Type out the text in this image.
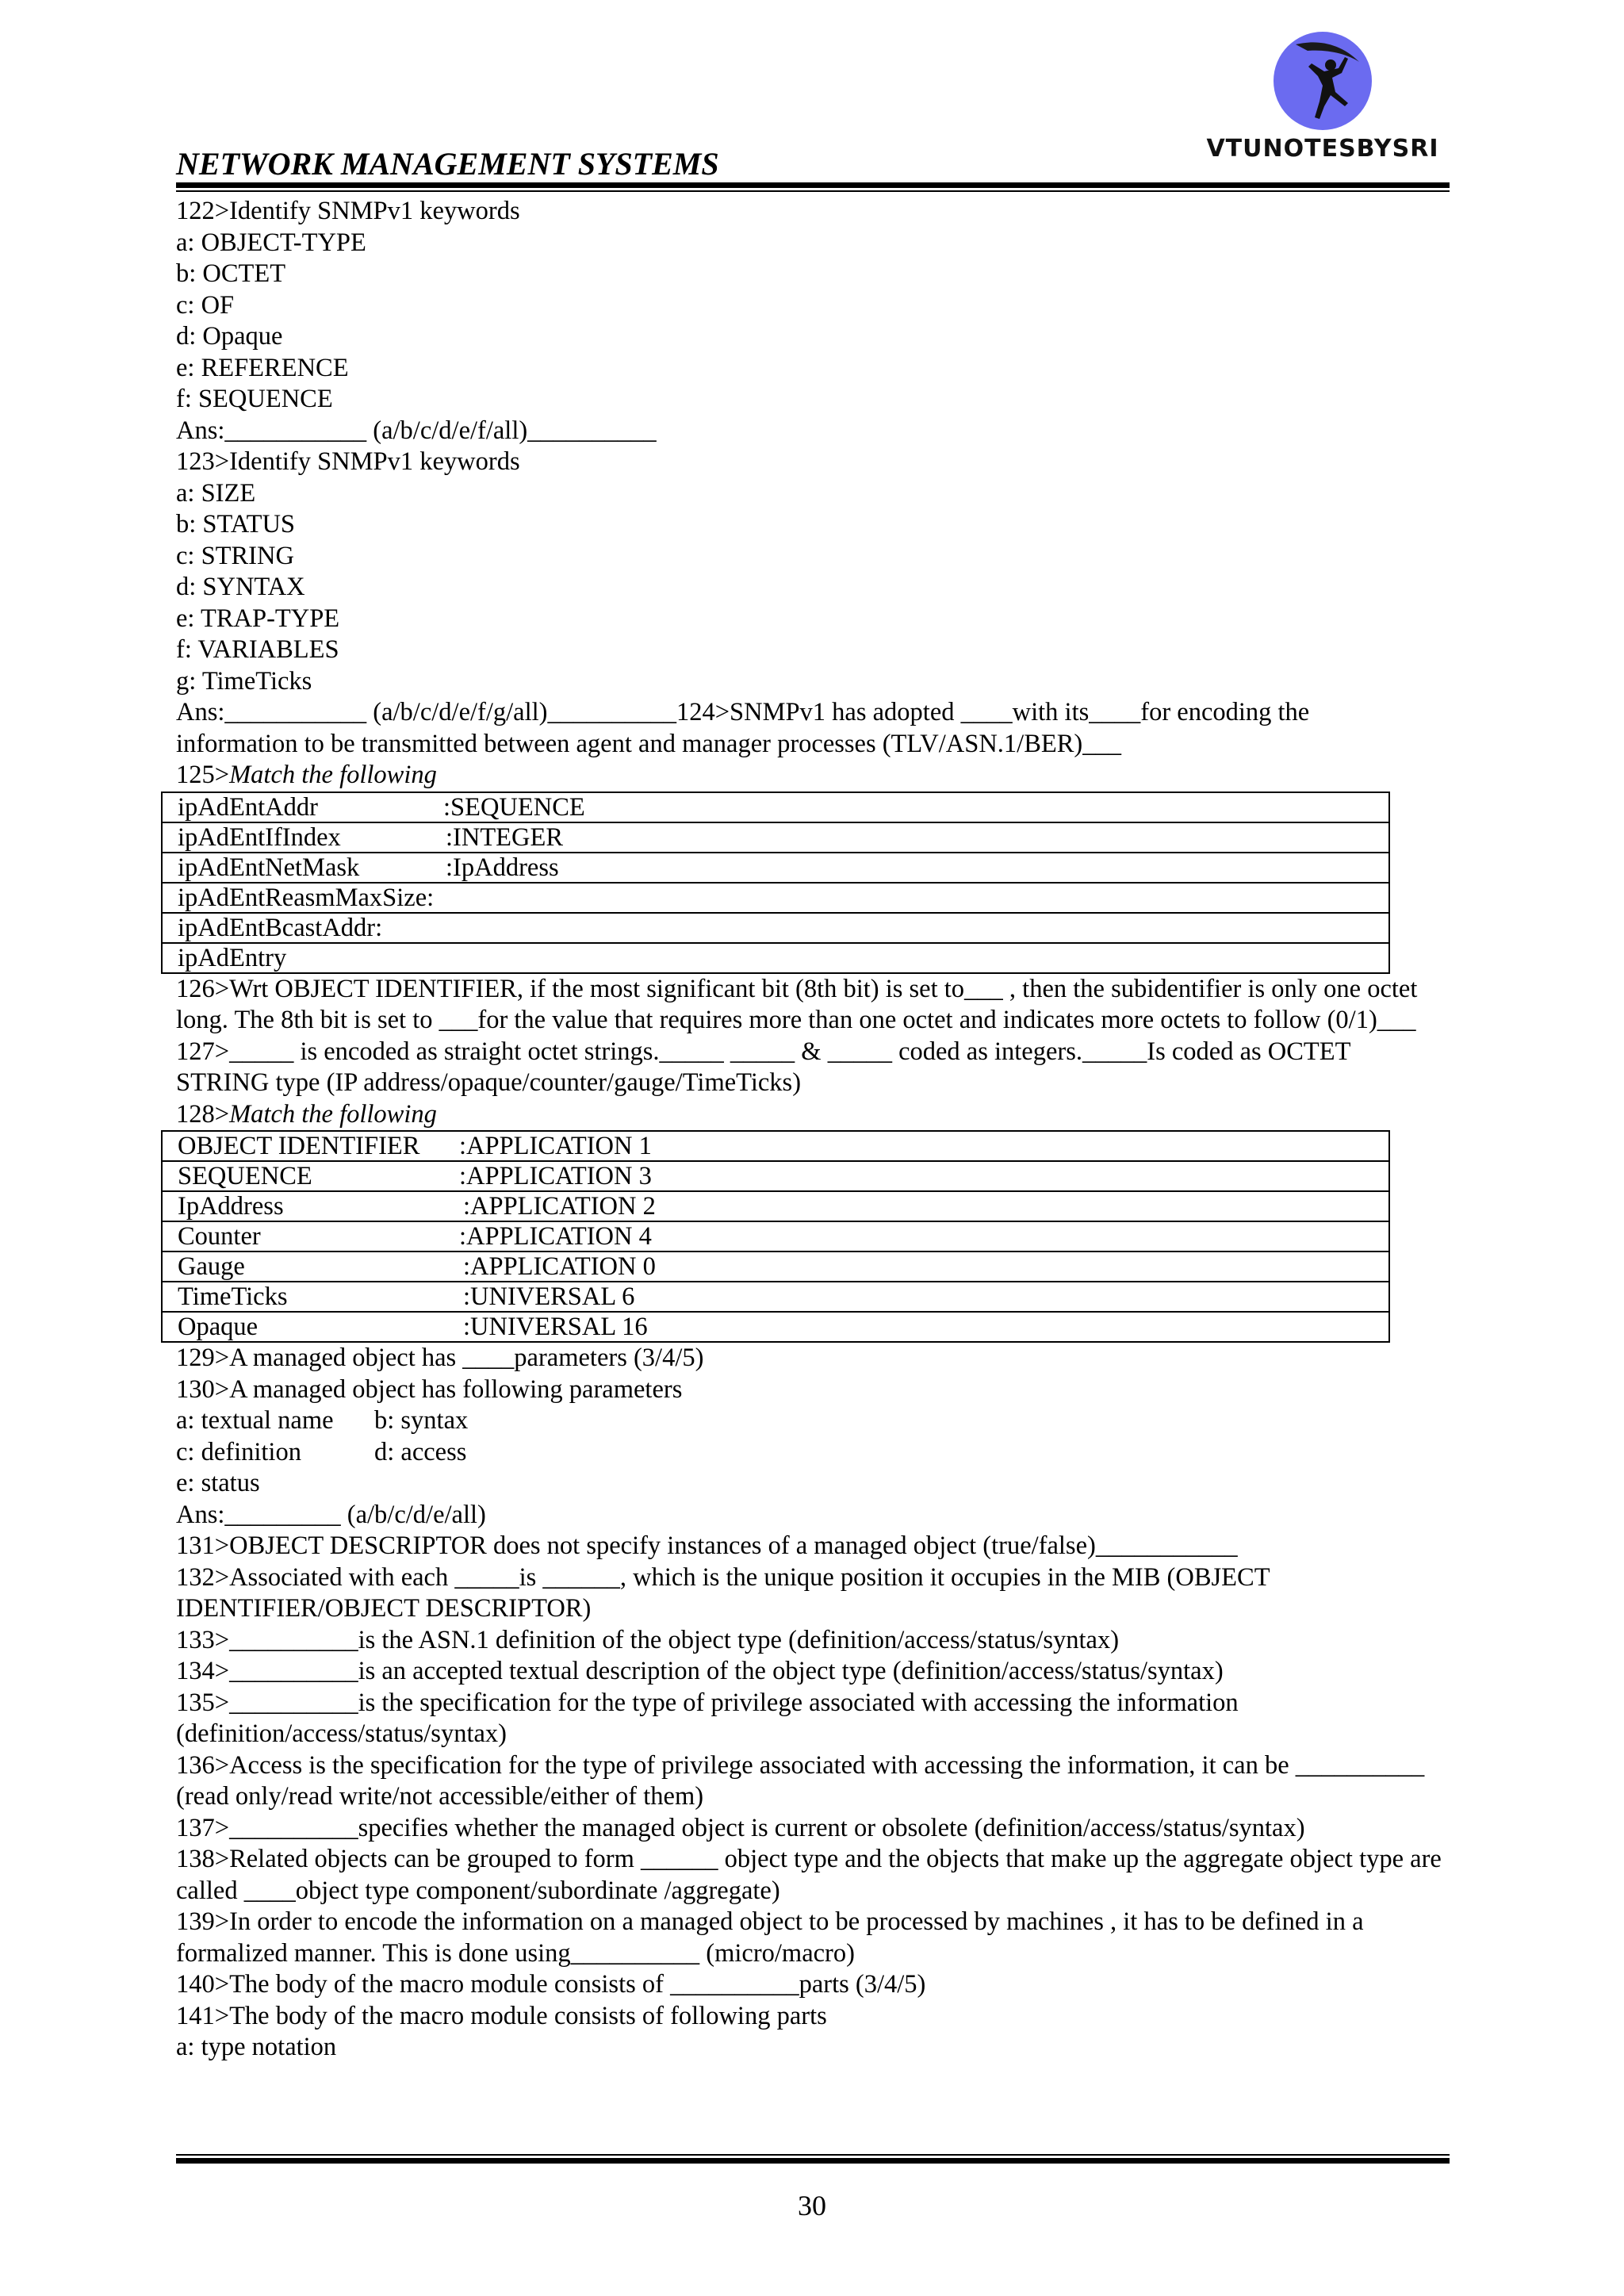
VTUNOTESBYSRI
NETWORK MANAGEMENT SYSTEMS
122>Identify SNMPv1 keywords
a: OBJECT-TYPE
b: OCTET
c: OF
d: Opaque
e: REFERENCE
f: SEQUENCE
Ans:___________ (a/b/c/d/e/f/all)__________
123>Identify SNMPv1 keywords
a: SIZE
b: STATUS
c: STRING
d: SYNTAX
e: TRAP-TYPE
f: VARIABLES
g: TimeTicks
Ans:___________ (a/b/c/d/e/f/g/all)__________124>SNMPv1 has adopted ____with its____for encoding the
information to be transmitted between agent and manager processes (TLV/ASN.1/BER)___
125>Match the following
ipAdEntAddr	:SEQUENCE
ipAdEntIfIndex	:INTEGER
ipAdEntNetMask	:IpAddress
ipAdEntReasmMaxSize:
ipAdEntBcastAddr:
ipAdEntry
126>Wrt OBJECT IDENTIFIER, if the most significant bit (8th bit) is set to___ , then the subidentifier is only one octet long. The 8th bit is set to ___for the value that requires more than one octet and indicates more octets to follow (0/1)___
127>_____ is encoded as straight octet strings._____ _____ & _____ coded as integers._____Is coded as OCTET STRING type (IP address/opaque/counter/gauge/TimeTicks)
128>Match the following
OBJECT IDENTIFIER :APPLICATION 1
SEQUENCE	:APPLICATION 3
IpAddress	:APPLICATION 2
Counter	:APPLICATION 4
Gauge	:APPLICATION 0
TimeTicks	:UNIVERSAL 6
Opaque	:UNIVERSAL 16
129>A managed object has ____parameters (3/4/5)
130>A managed object has following parameters
a: textual name b: syntax
c: definition	d: access
e: status
Ans:_________ (a/b/c/d/e/all)
131>OBJECT DESCRIPTOR does not specify instances of a managed object (true/false)___________
132>Associated with each _____is ______, which is the unique position it occupies in the MIB (OBJECT IDENTIFIER/OBJECT DESCRIPTOR)
133>__________is the ASN.1 definition of the object type (definition/access/status/syntax)
134>__________is an accepted textual description of the object type (definition/access/status/syntax)
135>__________is the specification for the type of privilege associated with accessing the information (definition/access/status/syntax)
136>Access is the specification for the type of privilege associated with accessing the information, it can be __________ (read only/read write/not accessible/either of them)
137>__________specifies whether the managed object is current or obsolete (definition/access/status/syntax)
138>Related objects can be grouped to form ______ object type and the objects that make up the aggregate object type are called ____object type component/subordinate /aggregate)
139>In order to encode the information on a managed object to be processed by machines , it has to be defined in a formalized manner. This is done using__________ (micro/macro)
140>The body of the macro module consists of __________parts (3/4/5)
141>The body of the macro module consists of following parts
a: type notation
30
